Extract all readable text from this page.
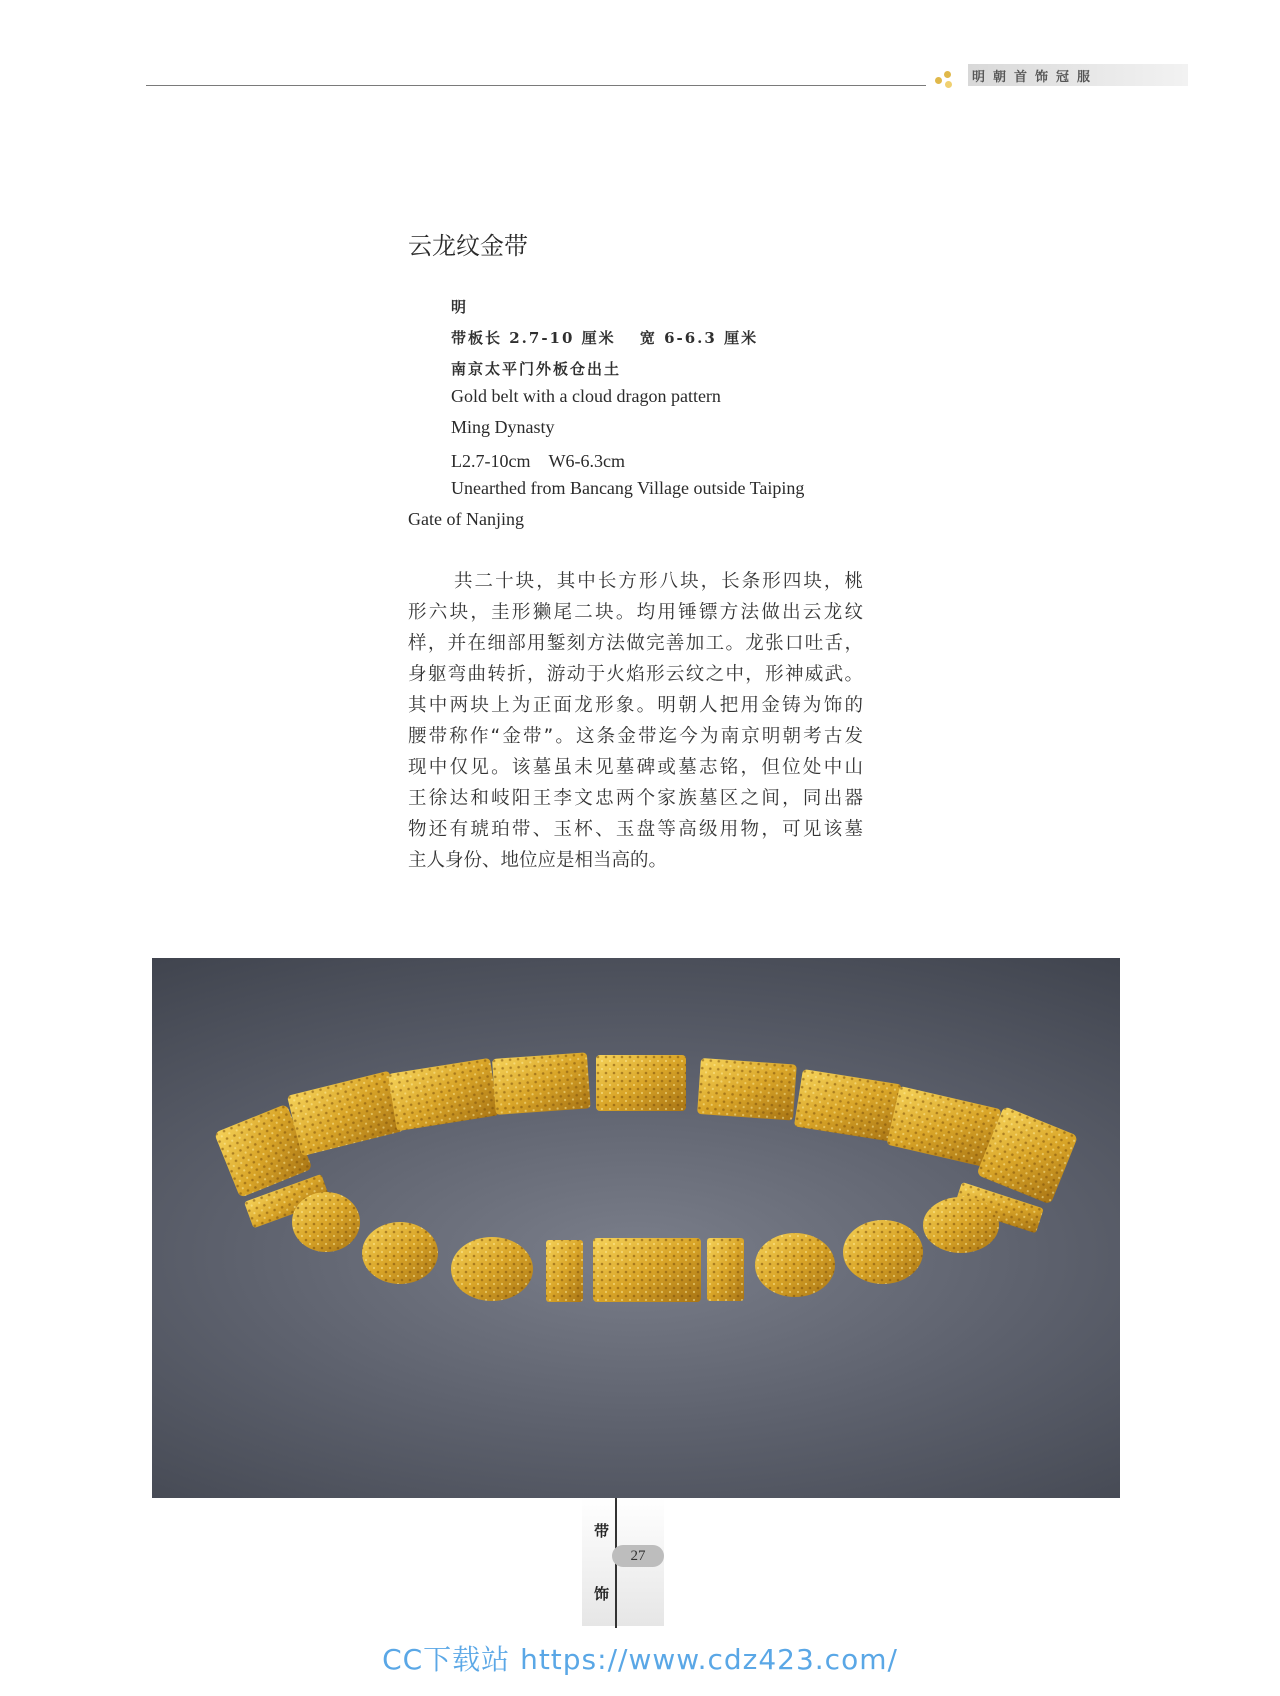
明朝首饰冠服
云龙纹金带
明
带板长 2.7-10 厘米　 宽 6-6.3 厘米
南京太平门外板仓出土
Gold belt with a cloud dragon pattern
Ming Dynasty
L2.7-10cm　W6-6.3cm
Unearthed from Bancang Village outside Taiping
Gate of Nanjing
共二十块，其中长方形八块，长条形四块，桃
形六块，圭形獭尾二块。均用锤镖方法做出云龙纹
样，并在细部用錾刻方法做完善加工。龙张口吐舌，
身躯弯曲转折，游动于火焰形云纹之中，形神威武。
其中两块上为正面龙形象。明朝人把用金铸为饰的
腰带称作“金带”。这条金带迄今为南京明朝考古发
现中仅见。该墓虽未见墓碑或墓志铭，但位处中山
王徐达和岐阳王李文忠两个家族墓区之间，同出器
物还有琥珀带、玉杯、玉盘等高级用物，可见该墓
主人身份、地位应是相当高的。
带
饰
27
CC下载站 https://www.cdz423.com/
